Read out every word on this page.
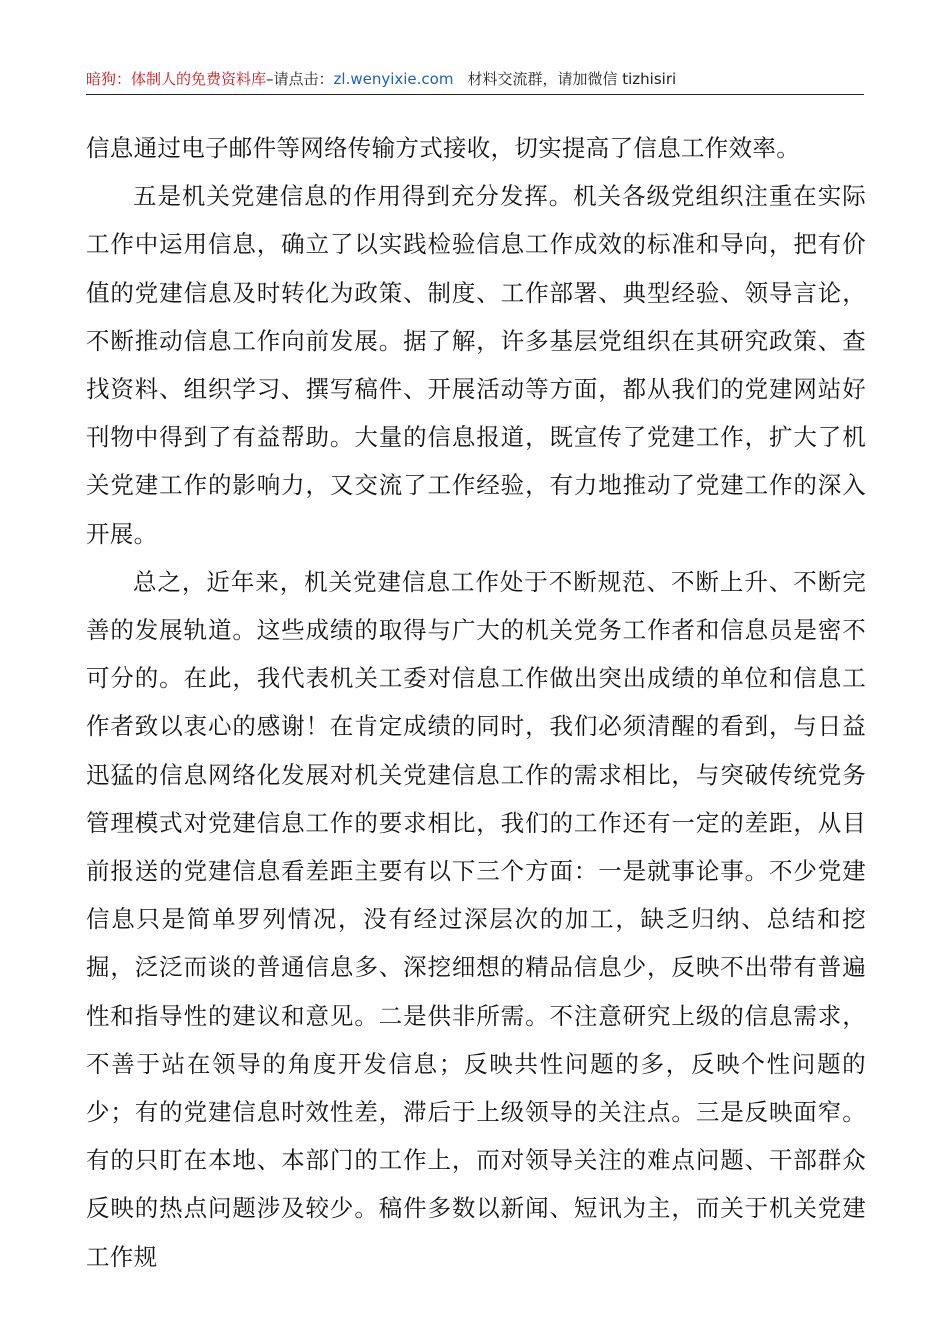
暗狗：体制人的免费资料库–请点击：zl.wenyixie.com 材料交流群，请加微信 tizhisiri

信息通过电子邮件等网络传输方式接收，切实提高了信息工作效率。

五是机关党建信息的作用得到充分发挥。机关各级党组织注重在实际工作中运用信息，确立了以实践检验信息工作成效的标准和导向，把有价值的党建信息及时转化为政策、制度、工作部署、典型经验、领导言论，不断推动信息工作向前发展。据了解，许多基层党组织在其研究政策、查找资料、组织学习、撰写稿件、开展活动等方面，都从我们的党建网站好刊物中得到了有益帮助。大量的信息报道，既宣传了党建工作，扩大了机关党建工作的影响力，又交流了工作经验，有力地推动了党建工作的深入开展。

总之，近年来，机关党建信息工作处于不断规范、不断上升、不断完善的发展轨道。这些成绩的取得与广大的机关党务工作者和信息员是密不可分的。在此，我代表机关工委对信息工作做出突出成绩的单位和信息工作者致以衷心的感谢！在肯定成绩的同时，我们必须清醒的看到，与日益迅猛的信息网络化发展对机关党建信息工作的需求相比，与突破传统党务管理模式对党建信息工作的要求相比，我们的工作还有一定的差距，从目前报送的党建信息看差距主要有以下三个方面：一是就事论事。不少党建信息只是简单罗列情况，没有经过深层次的加工，缺乏归纳、总结和挖掘，泛泛而谈的普通信息多、深挖细想的精品信息少，反映不出带有普遍性和指导性的建议和意见。二是供非所需。不注意研究上级的信息需求，不善于站在领导的角度开发信息；反映共性问题的多，反映个性问题的少；有的党建信息时效性差，滞后于上级领导的关注点。三是反映面窄。有的只盯在本地、本部门的工作上，而对领导关注的难点问题、干部群众反映的热点问题涉及较少。稿件多数以新闻、短讯为主，而关于机关党建工作规
